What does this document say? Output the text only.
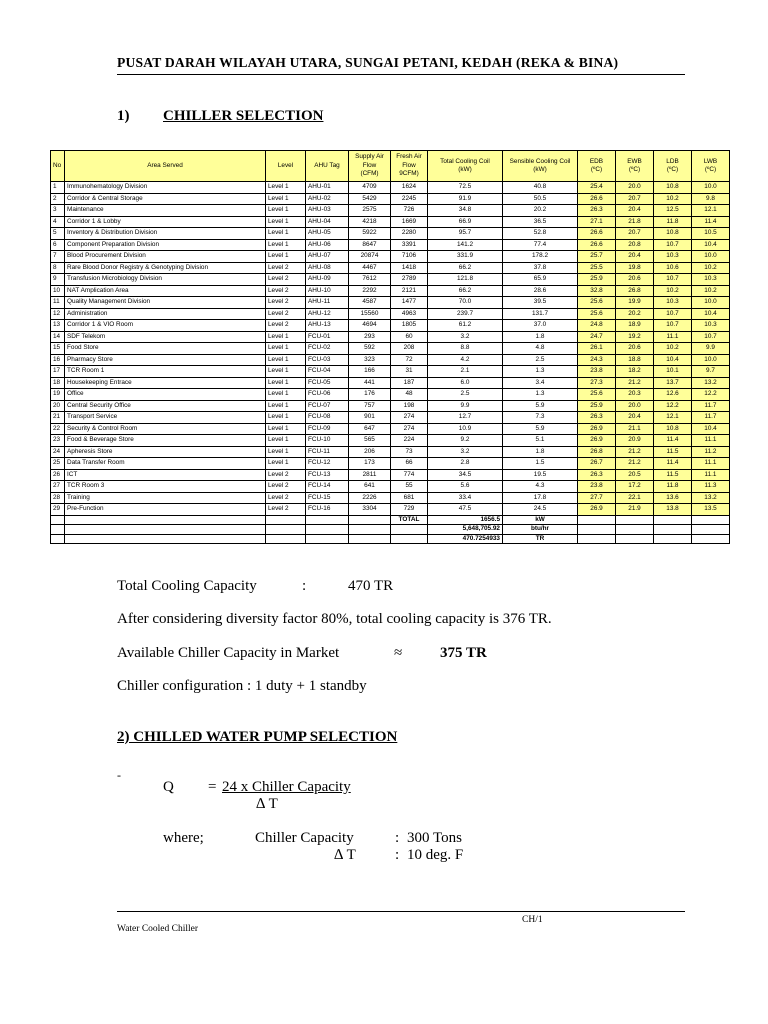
PUSAT DARAH WILAYAH UTARA, SUNGAI PETANI, KEDAH (REKA & BINA)
1) CHILLER SELECTION
No	Area Served	Level	AHU Tag	Supply Air
Flow
(CFM)	Fresh Air
Flow
9CFM)	Total Cooling Coil
(kW)	Sensible Cooling Coil
(kW)	EDB
(ºC)	EWB
(ºC)	LDB
(ºC)	LWB
(ºC)
1	Immunohematology Division	Level 1	AHU-01	4709	1624	72.5	40.8	25.4	20.0	10.8	10.0
2	Corridor & Central Storage	Level 1	AHU-02	5429	2245	91.9	50.5	26.6	20.7	10.2	9.8
3	Maintenance	Level 1	AHU-03	2575	726	34.8	20.2	26.3	20.4	12.5	12.1
4	Corridor 1 & Lobby	Level 1	AHU-04	4218	1669	66.9	36.5	27.1	21.8	11.8	11.4
5	Inventory & Distribution Division	Level 1	AHU-05	5922	2280	95.7	52.8	26.6	20.7	10.8	10.5
6	Component Preparation Division	Level 1	AHU-06	8647	3391	141.2	77.4	26.6	20.8	10.7	10.4
7	Blood Procurement Division	Level 1	AHU-07	20874	7106	331.9	178.2	25.7	20.4	10.3	10.0
8	Rare Blood Donor Registry & Genotyping Division	Level 2	AHU-08	4467	1418	66.2	37.8	25.5	19.8	10.6	10.2
9	Transfusion Microbiology Division	Level 2	AHU-09	7612	2789	121.8	65.9	25.9	20.6	10.7	10.3
10	NAT Amplication Area	Level 2	AHU-10	2292	2121	66.2	28.6	32.8	26.8	10.2	10.2
11	Quality Management Division	Level 2	AHU-11	4587	1477	70.0	39.5	25.6	19.9	10.3	10.0
12	Administration	Level 2	AHU-12	15560	4963	239.7	131.7	25.6	20.2	10.7	10.4
13	Corridor 1 & VIO Room	Level 2	AHU-13	4694	1805	61.2	37.0	24.8	18.9	10.7	10.3
14	SDF Telekom	Level 1	FCU-01	293	60	3.2	1.8	24.7	19.2	11.1	10.7
15	Food Store	Level 1	FCU-02	592	208	8.8	4.8	26.1	20.6	10.2	9.9
16	Pharmacy Store	Level 1	FCU-03	323	72	4.2	2.5	24.3	18.8	10.4	10.0
17	TCR Room 1	Level 1	FCU-04	166	31	2.1	1.3	23.8	18.2	10.1	9.7
18	Housekeeping Entrace	Level 1	FCU-05	441	187	6.0	3.4	27.3	21.2	13.7	13.2
19	Office	Level 1	FCU-06	176	48	2.5	1.3	25.6	20.3	12.6	12.2
20	Central Security Office	Level 1	FCU-07	757	198	9.9	5.9	25.9	20.0	12.2	11.7
21	Transport Service	Level 1	FCU-08	901	274	12.7	7.3	26.3	20.4	12.1	11.7
22	Security & Control Room	Level 1	FCU-09	647	274	10.9	5.9	26.9	21.1	10.8	10.4
23	Food & Beverage Store	Level 1	FCU-10	565	224	9.2	5.1	26.9	20.9	11.4	11.1
24	Apheresis Store	Level 1	FCU-11	206	73	3.2	1.8	26.8	21.2	11.5	11.2
25	Data Transfer Room	Level 1	FCU-12	173	66	2.8	1.5	26.7	21.2	11.4	11.1
26	ICT	Level 2	FCU-13	2811	774	34.5	19.5	26.3	20.5	11.5	11.1
27	TCR Room 3	Level 2	FCU-14	641	55	5.6	4.3	23.8	17.2	11.8	11.3
28	Training	Level 2	FCU-15	2226	681	33.4	17.8	27.7	22.1	13.6	13.2
29	Pre-Function	Level 2	FCU-16	3304	729	47.5	24.5	26.9	21.9	13.8	13.5
					TOTAL	1656.5	kW				
						5,648,705.92	btu/hr				
						470.7254933	TR				
Total Cooling Capacity	:	470 TR
After considering diversity factor 80%, total cooling capacity is 376 TR.
Available Chiller Capacity in Market	≈	375 TR
Chiller configuration : 1 duty + 1 standby
2) CHILLED WATER PUMP SELECTION
-
Q = 24 x Chiller Capacity
∆ T
where;	Chiller Capacity	: 300 Tons
∆ T	: 10 deg. F
CH/1
Water Cooled Chiller
